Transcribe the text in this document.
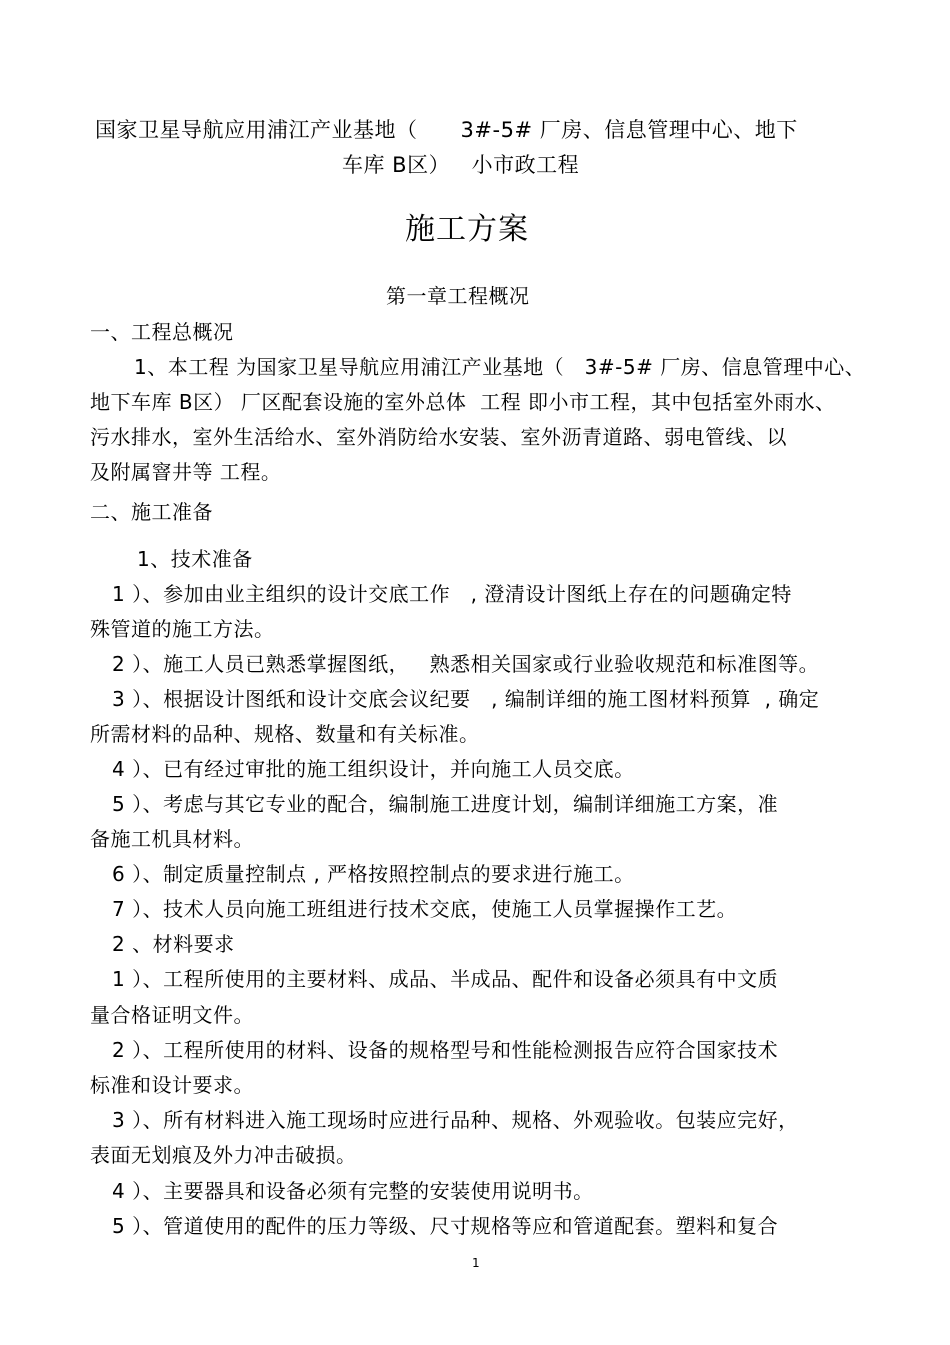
国家卫星导航应用浦江产业基地（      3#-5# 厂房、信息管理中心、地下
车库 B区）   小市政工程
施工方案
第一章工程概况
一、工程总概况
1、本工程 为国家卫星导航应用浦江产业基地（   3#-5# 厂房、信息管理中心、
地下车库 B区） 厂区配套设施的室外总体  工程 即小市工程，其中包括室外雨水、
污水排水，室外生活给水、室外消防给水安装、室外沥青道路、弱电管线、以
及附属窨井等 工程。
二、施工准备
1、技术准备
1 ）、参加由业主组织的设计交底工作   , 澄清设计图纸上存在的问题确定特
殊管道的施工方法。
2 ）、施工人员已熟悉掌握图纸，   熟悉相关国家或行业验收规范和标准图等。
3 ）、根据设计图纸和设计交底会议纪要   , 编制详细的施工图材料预算  , 确定
所需材料的品种、规格、数量和有关标准。
4 ）、已有经过审批的施工组织设计，并向施工人员交底。
5 ）、考虑与其它专业的配合，编制施工进度计划，编制详细施工方案，准
备施工机具材料。
6 ）、制定质量控制点 , 严格按照控制点的要求进行施工。
7 ）、技术人员向施工班组进行技术交底，使施工人员掌握操作工艺。
2 、材料要求
1 ）、工程所使用的主要材料、成品、半成品、配件和设备必须具有中文质
量合格证明文件。
2 ）、工程所使用的材料、设备的规格型号和性能检测报告应符合国家技术
标准和设计要求。
3 ）、所有材料进入施工现场时应进行品种、规格、外观验收。包装应完好，
表面无划痕及外力冲击破损。
4 ）、主要器具和设备必须有完整的安装使用说明书。
5 ）、管道使用的配件的压力等级、尺寸规格等应和管道配套。塑料和复合
1
